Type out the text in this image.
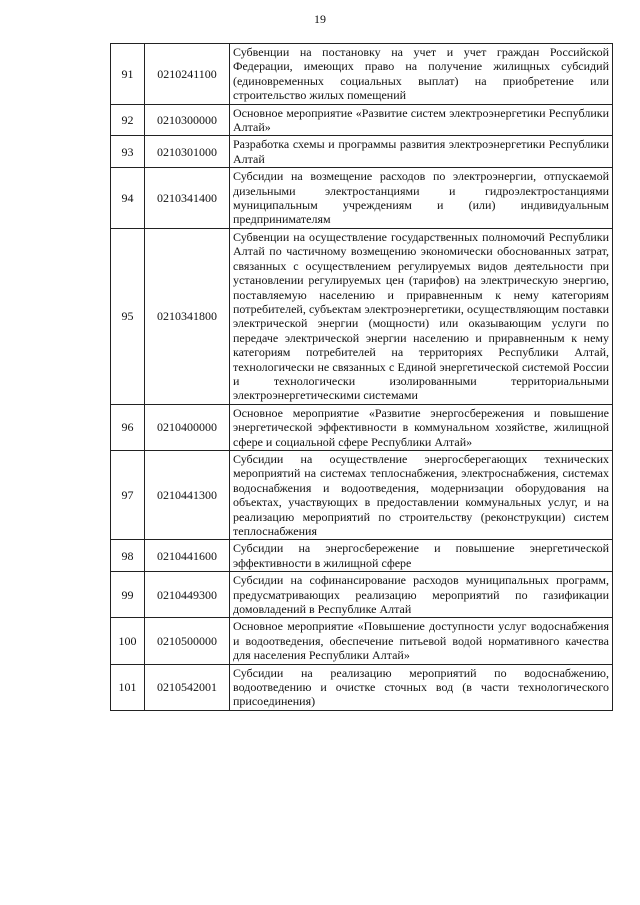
19
91	0210241100	Субвенции на постановку на учет и учет граждан Российской Федерации, имеющих право на получение жилищных субсидий (единовременных социальных выплат) на приобретение или строительство жилых помещений
92	0210300000	Основное мероприятие «Развитие систем электроэнергетики Республики Алтай»
93	0210301000	Разработка схемы и программы развития электроэнергетики Республики Алтай
94	0210341400	Субсидии на возмещение расходов по электроэнергии, отпускаемой дизельными электростанциями и гидроэлектростанциями муниципальным учреждениям и (или) индивидуальным предпринимателям
95	0210341800	Субвенции на осуществление государственных полномочий Республики Алтай по частичному возмещению экономически обоснованных затрат, связанных с осуществлением регулируемых видов деятельности при установлении регулируемых цен (тарифов) на электрическую энергию, поставляемую населению и приравненным к нему категориям потребителей, субъектам электроэнергетики, осуществляющим поставки электрической энергии (мощности) или оказывающим услуги по передаче электрической энергии населению и приравненным к нему категориям потребителей на территориях Республики Алтай, технологически не связанных с Единой энергетической системой России и технологически изолированными территориальными электроэнергетическими системами
96	0210400000	Основное мероприятие «Развитие энергосбережения и повышение энергетической эффективности в коммунальном хозяйстве, жилищной сфере и социальной сфере Республики Алтай»
97	0210441300	Субсидии на осуществление энергосберегающих технических мероприятий на системах теплоснабжения, электроснабжения, системах водоснабжения и водоотведения, модернизации оборудования на объектах, участвующих в предоставлении коммунальных услуг, и на реализацию мероприятий по строительству (реконструкции) систем теплоснабжения
98	0210441600	Субсидии на энергосбережение и повышение энергетической эффективности в жилищной сфере
99	0210449300	Субсидии на софинансирование расходов муниципальных программ, предусматривающих реализацию мероприятий по газификации домовладений в Республике Алтай
100	0210500000	Основное мероприятие «Повышение доступности услуг водоснабжения и водоотведения, обеспечение питьевой водой нормативного качества для населения Республики Алтай»
101	0210542001	Субсидии на реализацию мероприятий по водоснабжению, водоотведению и очистке сточных вод (в части технологического присоединения)
